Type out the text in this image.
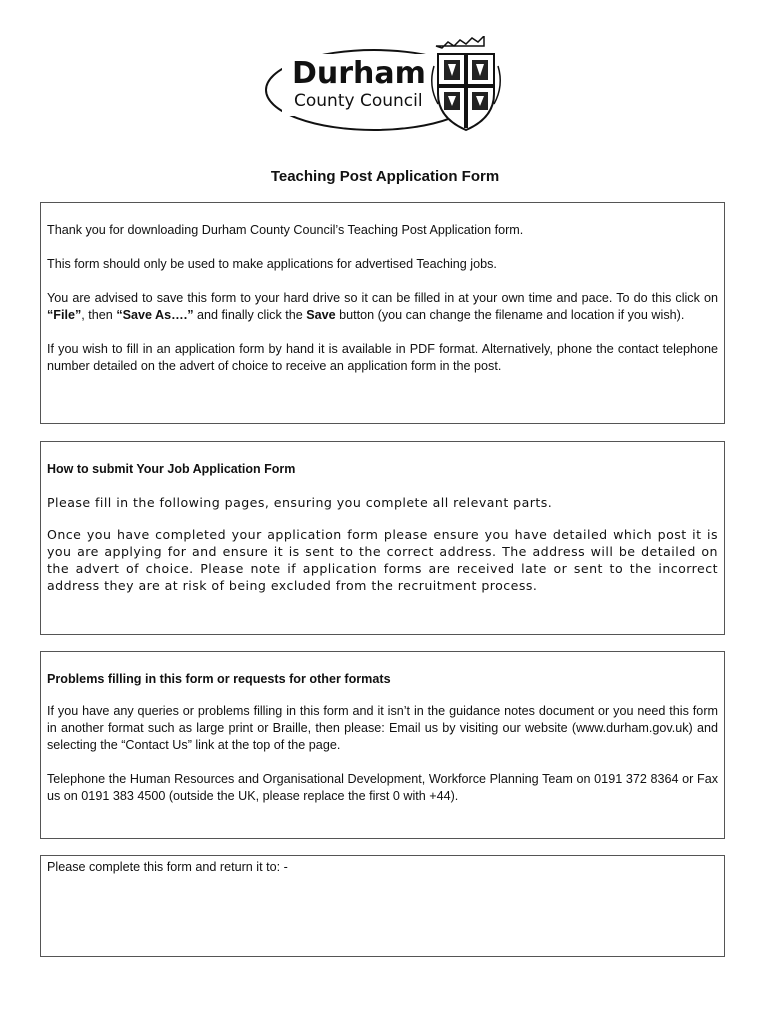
Durham
County Council
Teaching Post Application Form

Thank you for downloading Durham County Council’s Teaching Post Application form.

This form should only be used to make applications for advertised Teaching jobs.

You are advised to save this form to your hard drive so it can be filled in at your own time and pace. To do this click on “File”, then “Save As….” and finally click the Save button (you can change the filename and location if you wish).

If you wish to fill in an application form by hand it is available in PDF format. Alternatively, phone the contact telephone number detailed on the advert of choice to receive an application form in the post.

How to submit Your Job Application Form

Please fill in the following pages, ensuring you complete all relevant parts.

Once you have completed your application form please ensure you have detailed which post it is you are applying for and ensure it is sent to the correct address. The address will be detailed on the advert of choice. Please note if application forms are received late or sent to the incorrect address they are at risk of being excluded from the recruitment process.

Problems filling in this form or requests for other formats

If you have any queries or problems filling in this form and it isn’t in the guidance notes document or you need this form in another format such as large print or Braille, then please: Email us by visiting our website (www.durham.gov.uk) and selecting the “Contact Us” link at the top of the page.

Telephone the Human Resources and Organisational Development, Workforce Planning Team on 0191 372 8364 or Fax us on 0191 383 4500 (outside the UK, please replace the first 0 with +44).

Please complete this form and return it to: -
